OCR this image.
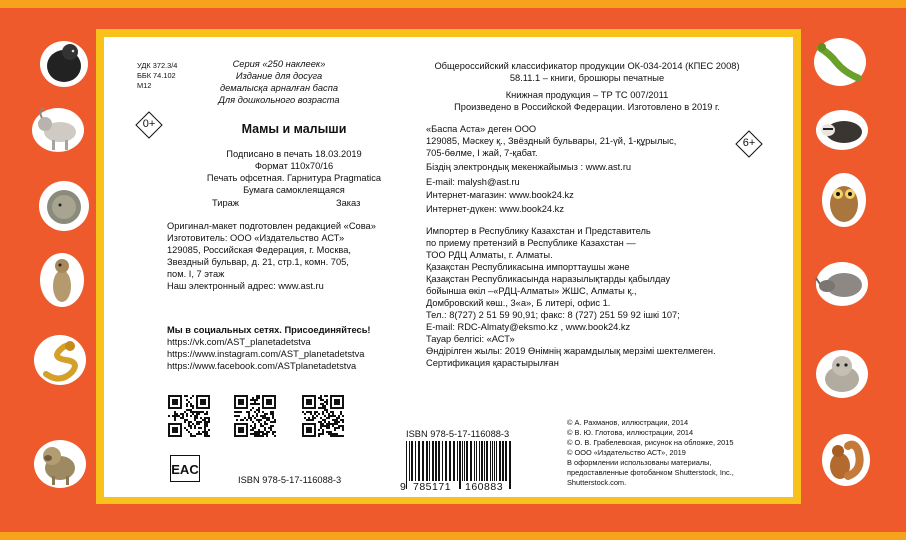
УДК 372.3/4
ББК 74.102
М12
Серия «250 наклеек»
Издание для досуга
демалысқа арналған баспа
Для дошкольного возраста
0+	Мамы и малыши
Подписано в печать 18.03.2019
Формат 110х70/16
Печать офсетная. Гарнитура Pragmatica
Бумага самоклеящаяся
Тираж	Заказ
Оригинал-макет подготовлен редакцией «Сова»
Изготовитель: ООО «Издательство АСТ»
129085, Российская Федерация, г. Москва,
Звездный бульвар, д. 21, стр.1, комн. 705,
пом. I, 7 этаж
Наш электронный адрес: www.ast.ru
Мы в социальных сетях. Присоединяйтесь!
https://vk.com/AST_planetadetstva
https://www.instagram.com/AST_planetadetstva
https://www.facebook.com/ASTplanetadetstva
EAC
ISBN 978-5-17-116088-3
Общероссийский классификатор продукции ОК-034-2014 (КПЕС 2008)
58.11.1 – книги, брошюры печатные
Книжная продукция – ТР ТС 007/2011
Произведено в Российской Федерации. Изготовлено в 2019 г.
6+
«Баспа Аста» деген ООО
129085, Мәскеу қ., Звёздный бульвары, 21-үй, 1-құрылыс,
705-бөлме, I жай, 7-қабат.
Біздің электрондық мекенжайымыз : www.ast.ru
E-mail: malysh@ast.ru
Интернет-магазин: www.book24.kz
Интернет-дүкен: www.book24.kz
Импортер в Республику Казахстан и Представитель
по приему претензий в Республике Казахстан —
ТОО РДЦ Алматы, г. Алматы.
Қазақстан Республикасына импорттаушы және
Қазақстан Республикасында наразылықтарды қабылдау
бойынша өкіл –«РДЦ-Алматы» ЖШС, Алматы қ.,
Домбровский көш., 3«а», Б литері, офис 1.
Тел.: 8(727) 2 51 59 90,91; факс: 8 (727) 251 59 92 ішкі 107;
E-mail: RDC-Almaty@eksmo.kz , www.book24.kz
Тауар белгісі: «АСТ»
Өндірілген жылы: 2019 Өнімнің жарамдылық мерзімі шектелмеген.
Сертификация қарастырылған
ISBN 978-5-17-116088-3
9 785171 160883
© А. Рахманов, иллюстрации, 2014
© В. Ю. Глотова, иллюстрации, 2014
© О. В. Грабелевская, рисунок на обложке, 2015
© ООО «Издательство АСТ», 2019
В оформлении использованы материалы,
предоставленные фотобанком Shutterstock, Inc.,
Shutterstock.com.
